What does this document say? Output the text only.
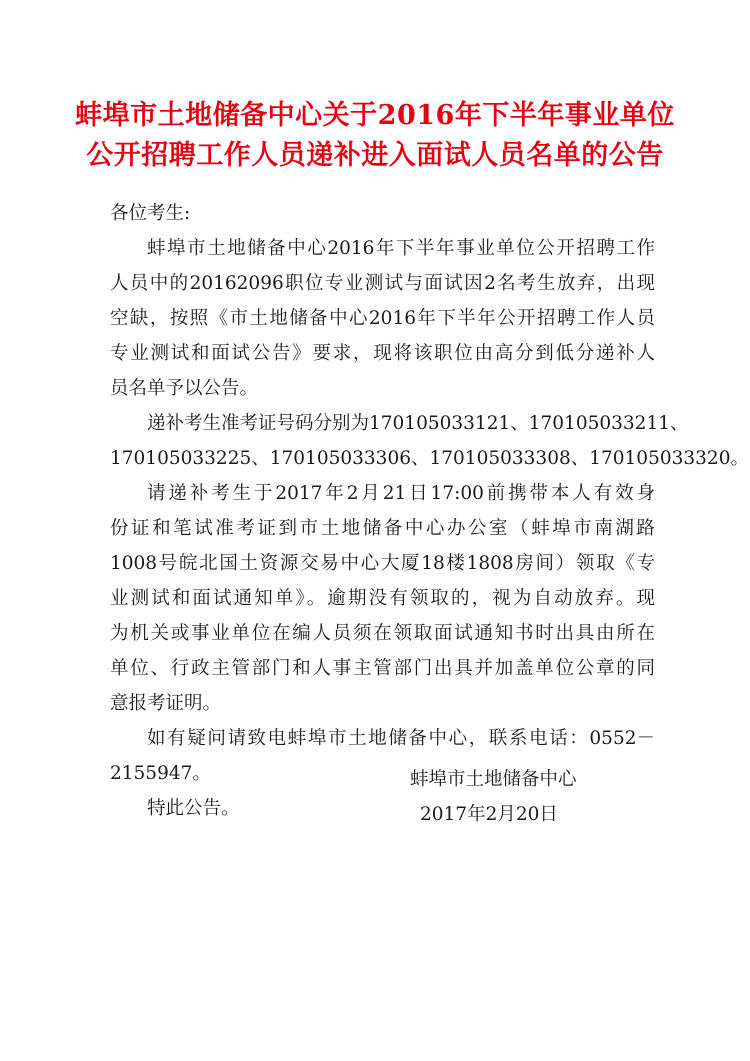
蚌埠市土地储备中心关于2016年下半年事业单位
公开招聘工作人员递补进入面试人员名单的公告
各位考生:
蚌埠市土地储备中心2016年下半年事业单位公开招聘工作
人员中的20162096职位专业测试与面试因2名考生放弃，出现
空缺，按照《市土地储备中心2016年下半年公开招聘工作人员
专业测试和面试公告》要求，现将该职位由高分到低分递补人
员名单予以公告。
递补考生准考证号码分别为170105033121、170105033211、
170105033225、170105033306、170105033308、170105033320。
请递补考生于2017年2月21日17:00前携带本人有效身
份证和笔试准考证到市土地储备中心办公室（蚌埠市南湖路
1008号皖北国土资源交易中心大厦18楼1808房间）领取《专
业测试和面试通知单》。逾期没有领取的，视为自动放弃。现
为机关或事业单位在编人员须在领取面试通知书时出具由所在
单位、行政主管部门和人事主管部门出具并加盖单位公章的同
意报考证明。
如有疑问请致电蚌埠市土地储备中心，联系电话：0552－
2155947。
特此公告。
蚌埠市土地储备中心
2017年2月20日
